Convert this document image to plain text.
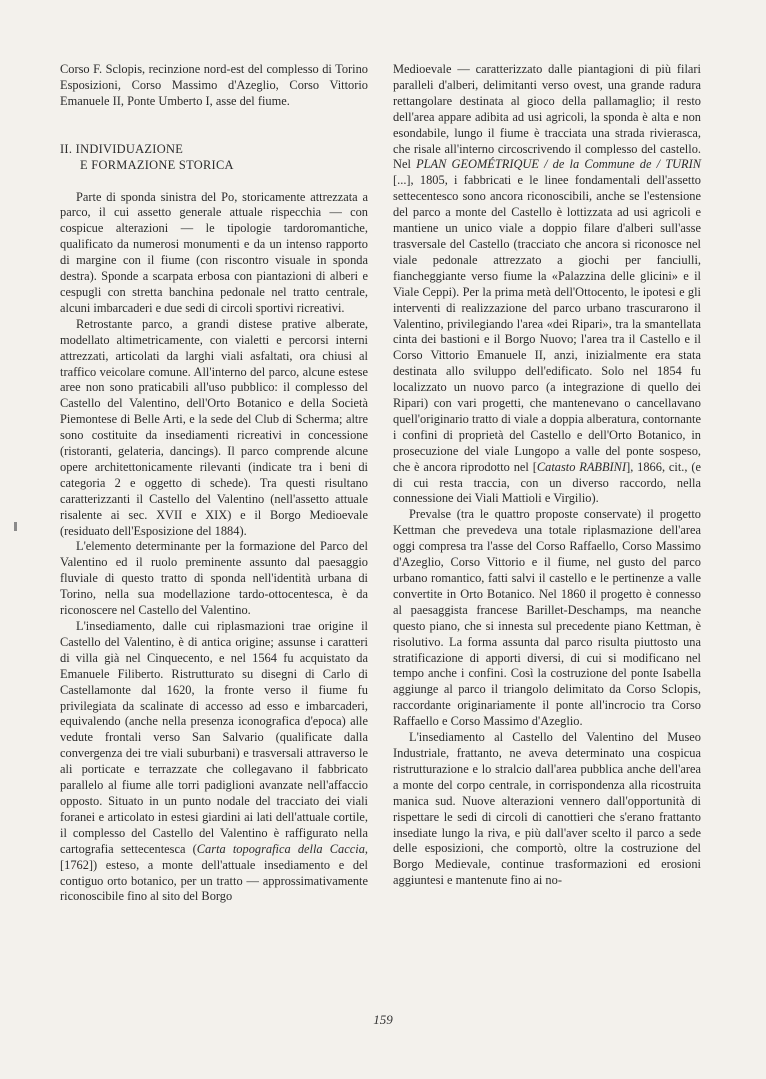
Corso F. Sclopis, recinzione nord-est del complesso di Torino Esposizioni, Corso Massimo d'Azeglio, Corso Vittorio Emanuele II, Ponte Umberto I, asse del fiume.

II. INDIVIDUAZIONE
E FORMAZIONE STORICA

Parte di sponda sinistra del Po, storicamente attrezzata a parco, il cui assetto generale attuale rispecchia — con cospicue alterazioni — le tipologie tardoromantiche, qualificato da numerosi monumenti e da un intenso rapporto di margine con il fiume (con riscontro visuale in sponda destra). Sponde a scarpata erbosa con piantazioni di alberi e cespugli con stretta banchina pedonale nel tratto centrale, alcuni imbarcaderi e due sedi di circoli sportivi ricreativi.

Retrostante parco, a grandi distese prative alberate, modellato altimetricamente, con vialetti e percorsi interni attrezzati, articolati da larghi viali asfaltati, ora chiusi al traffico veicolare comune. All'interno del parco, alcune estese aree non sono praticabili all'uso pubblico: il complesso del Castello del Valentino, dell'Orto Botanico e della Società Piemontese di Belle Arti, e la sede del Club di Scherma; altre sono costituite da insediamenti ricreativi in concessione (ristoranti, gelateria, dancings). Il parco comprende alcune opere architettonicamente rilevanti (indicate tra i beni di categoria 2 e oggetto di schede). Tra questi risultano caratterizzanti il Castello del Valentino (nell'assetto attuale risalente ai sec. XVII e XIX) e il Borgo Medioevale (residuato dell'Esposizione del 1884).

L'elemento determinante per la formazione del Parco del Valentino ed il ruolo preminente assunto dal paesaggio fluviale di questo tratto di sponda nell'identità urbana di Torino, nella sua modellazione tardo-ottocentesca, è da riconoscere nel Castello del Valentino.

L'insediamento, dalle cui riplasmazioni trae origine il Castello del Valentino, è di antica origine; assunse i caratteri di villa già nel Cinquecento, e nel 1564 fu acquistato da Emanuele Filiberto. Ristrutturato su disegni di Carlo di Castellamonte dal 1620, la fronte verso il fiume fu privilegiata da scalinate di accesso ad esso e imbarcaderi, equivalendo (anche nella presenza iconografica d'epoca) alle vedute frontali verso San Salvario (qualificate dalla convergenza dei tre viali suburbani) e trasversali attraverso le ali porticate e terrazzate che collegavano il fabbricato parallelo al fiume alle torri padiglioni avanzate nell'affaccio opposto. Situato in un punto nodale del tracciato dei viali foranei e articolato in estesi giardini ai lati dell'attuale cortile, il complesso del Castello del Valentino è raffigurato nella cartografia settecentesca (Carta topografica della Caccia, [1762]) esteso, a monte dell'attuale insediamento e del contiguo orto botanico, per un tratto — approssimativamente riconoscibile fino al sito del Borgo

Medioevale — caratterizzato dalle piantagioni di più filari paralleli d'alberi, delimitanti verso ovest, una grande radura rettangolare destinata al gioco della pallamaglio; il resto dell'area appare adibita ad usi agricoli, la sponda è alta e non esondabile, lungo il fiume è tracciata una strada rivierasca, che risale all'interno circoscrivendo il complesso del castello. Nel PLAN GEOMÉTRIQUE / de la Commune de / TURIN [...], 1805, i fabbricati e le linee fondamentali dell'assetto settecentesco sono ancora riconoscibili, anche se l'estensione del parco a monte del Castello è lottizzata ad usi agricoli e mantiene un unico viale a doppio filare d'alberi sull'asse trasversale del Castello (tracciato che ancora si riconosce nel viale pedonale attrezzato a giochi per fanciulli, fiancheggiante verso fiume la «Palazzina delle glicini» e il Viale Ceppi). Per la prima metà dell'Ottocento, le ipotesi e gli interventi di realizzazione del parco urbano trascurarono il Valentino, privilegiando l'area «dei Ripari», tra la smantellata cinta dei bastioni e il Borgo Nuovo; l'area tra il Castello e il Corso Vittorio Emanuele II, anzi, inizialmente era stata destinata allo sviluppo dell'edificato. Solo nel 1854 fu localizzato un nuovo parco (a integrazione di quello dei Ripari) con vari progetti, che mantenevano o cancellavano quell'originario tratto di viale a doppia alberatura, contornante i confini di proprietà del Castello e dell'Orto Botanico, in prosecuzione del viale Lungopo a valle del ponte sospeso, che è ancora riprodotto nel [Catasto RABBINI], 1866, cit., (e di cui resta traccia, con un diverso raccordo, nella connessione dei Viali Mattioli e Virgilio).

Prevalse (tra le quattro proposte conservate) il progetto Kettman che prevedeva una totale riplasmazione dell'area oggi compresa tra l'asse del Corso Raffaello, Corso Massimo d'Azeglio, Corso Vittorio e il fiume, nel gusto del parco urbano romantico, fatti salvi il castello e le pertinenze a valle convertite in Orto Botanico. Nel 1860 il progetto è connesso al paesaggista francese Barillet-Deschamps, ma neanche questo piano, che si innesta sul precedente piano Kettman, è risolutivo. La forma assunta dal parco risulta piuttosto una stratificazione di apporti diversi, di cui si modificano nel tempo anche i confini. Così la costruzione del ponte Isabella aggiunge al parco il triangolo delimitato da Corso Sclopis, raccordante originariamente il ponte all'incrocio tra Corso Raffaello e Corso Massimo d'Azeglio.

L'insediamento al Castello del Valentino del Museo Industriale, frattanto, ne aveva determinato una cospicua ristrutturazione e lo stralcio dall'area pubblica anche dell'area a monte del corpo centrale, in corrispondenza alla ricostruita manica sud. Nuove alterazioni vennero dall'opportunità di rispettare le sedi di circoli di canottieri che s'erano frattanto insediate lungo la riva, e più dall'aver scelto il parco a sede delle esposizioni, che comportò, oltre la costruzione del Borgo Medievale, continue trasformazioni ed erosioni aggiuntesi e mantenute fino ai no-

159
